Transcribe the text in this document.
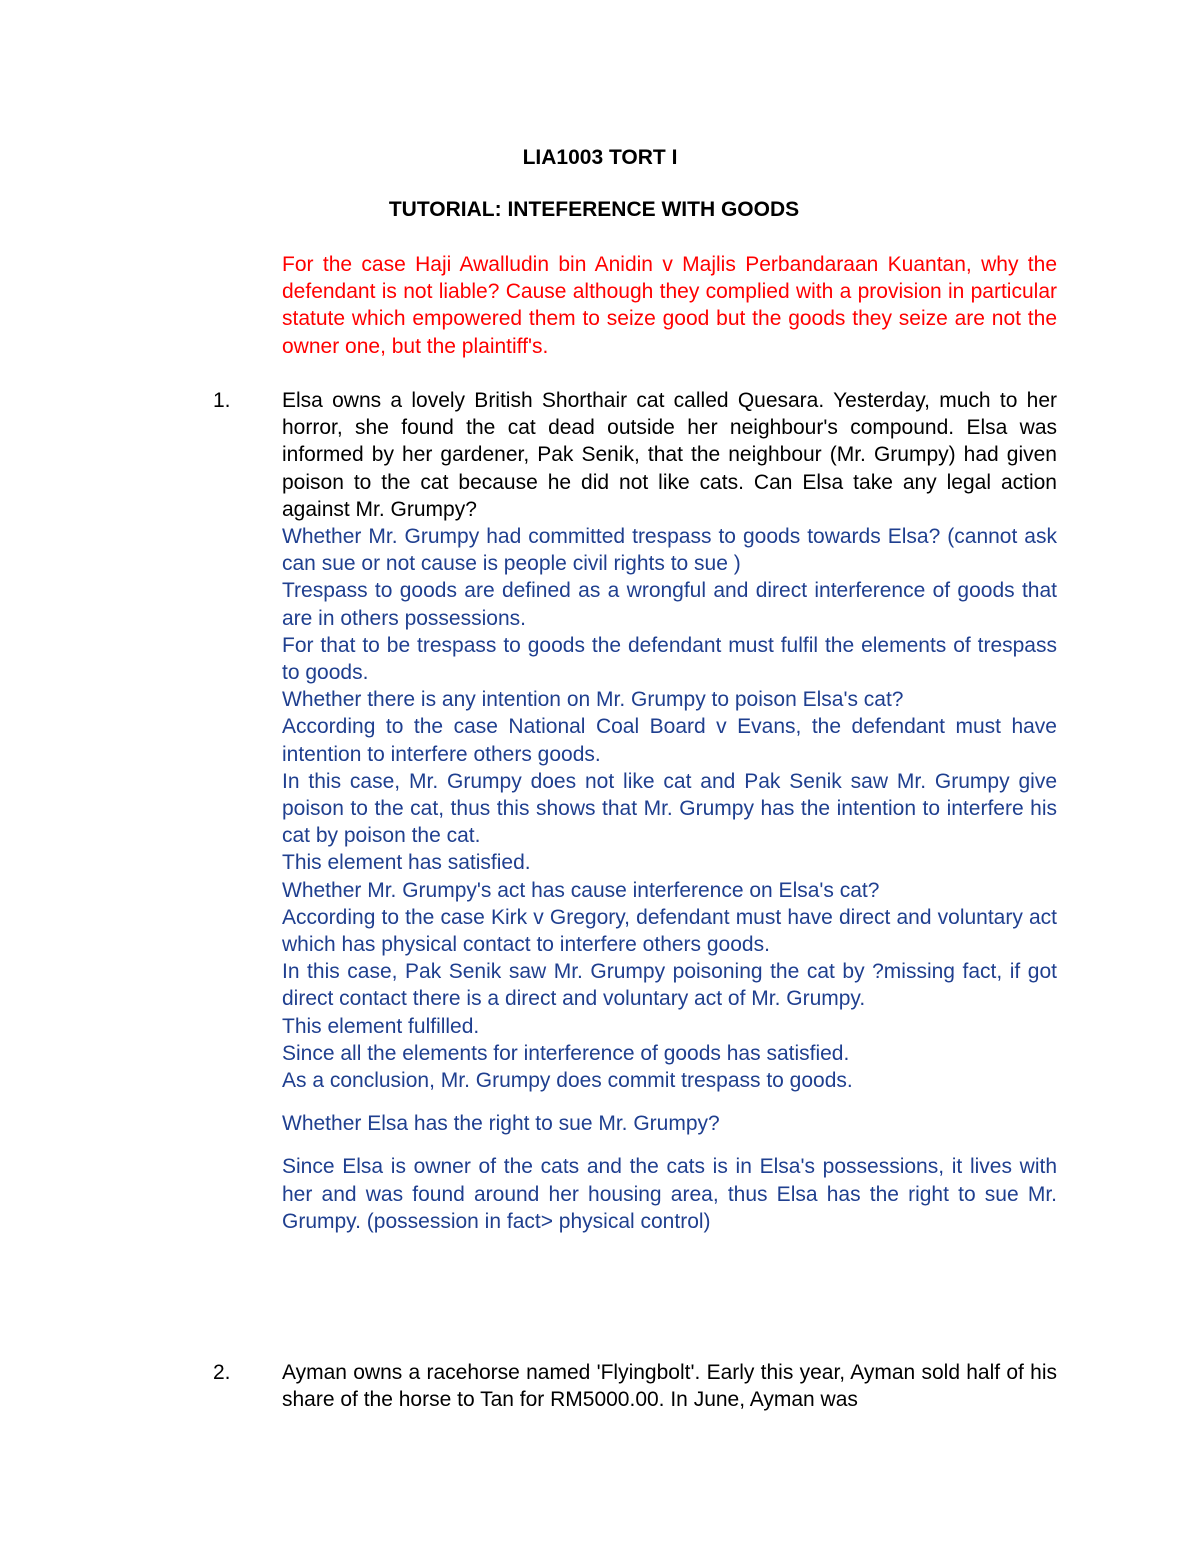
LIA1003 TORT I
TUTORIAL: INTEFERENCE WITH GOODS

For the case Haji Awalludin bin Anidin v Majlis Perbandaraan Kuantan, why the defendant is not liable? Cause although they complied with a provision in particular statute which empowered them to seize good but the goods they seize are not the owner one, but the plaintiff's.

1. Elsa owns a lovely British Shorthair cat called Quesara. Yesterday, much to her horror, she found the cat dead outside her neighbour's compound. Elsa was informed by her gardener, Pak Senik, that the neighbour (Mr. Grumpy) had given poison to the cat because he did not like cats. Can Elsa take any legal action against Mr. Grumpy?

Whether Mr. Grumpy had committed trespass to goods towards Elsa? (cannot ask can sue or not cause is people civil rights to sue )

Trespass to goods are defined as a wrongful and direct interference of goods that are in others possessions.

For that to be trespass to goods the defendant must fulfil the elements of trespass to goods.

Whether there is any intention on Mr. Grumpy to poison Elsa's cat?

According to the case National Coal Board v Evans, the defendant must have intention to interfere others goods.

In this case, Mr. Grumpy does not like cat and Pak Senik saw Mr. Grumpy give poison to the cat, thus this shows that Mr. Grumpy has the intention to interfere his cat by poison the cat.

This element has satisfied.

Whether Mr. Grumpy's act has cause interference on Elsa's cat?

According to the case Kirk v Gregory, defendant must have direct and voluntary act which has physical contact to interfere others goods.

In this case, Pak Senik saw Mr. Grumpy poisoning the cat by ?missing fact, if got direct contact there is a direct and voluntary act of Mr. Grumpy.

This element fulfilled.

Since all the elements for interference of goods has satisfied.

As a conclusion, Mr. Grumpy does commit trespass to goods.

Whether Elsa has the right to sue Mr. Grumpy?

Since Elsa is owner of the cats and the cats is in Elsa's possessions, it lives with her and was found around her housing area, thus Elsa has the right to sue Mr. Grumpy. (possession in fact> physical control)

2. Ayman owns a racehorse named 'Flyingbolt'. Early this year, Ayman sold half of his share of the horse to Tan for RM5000.00. In June, Ayman was
